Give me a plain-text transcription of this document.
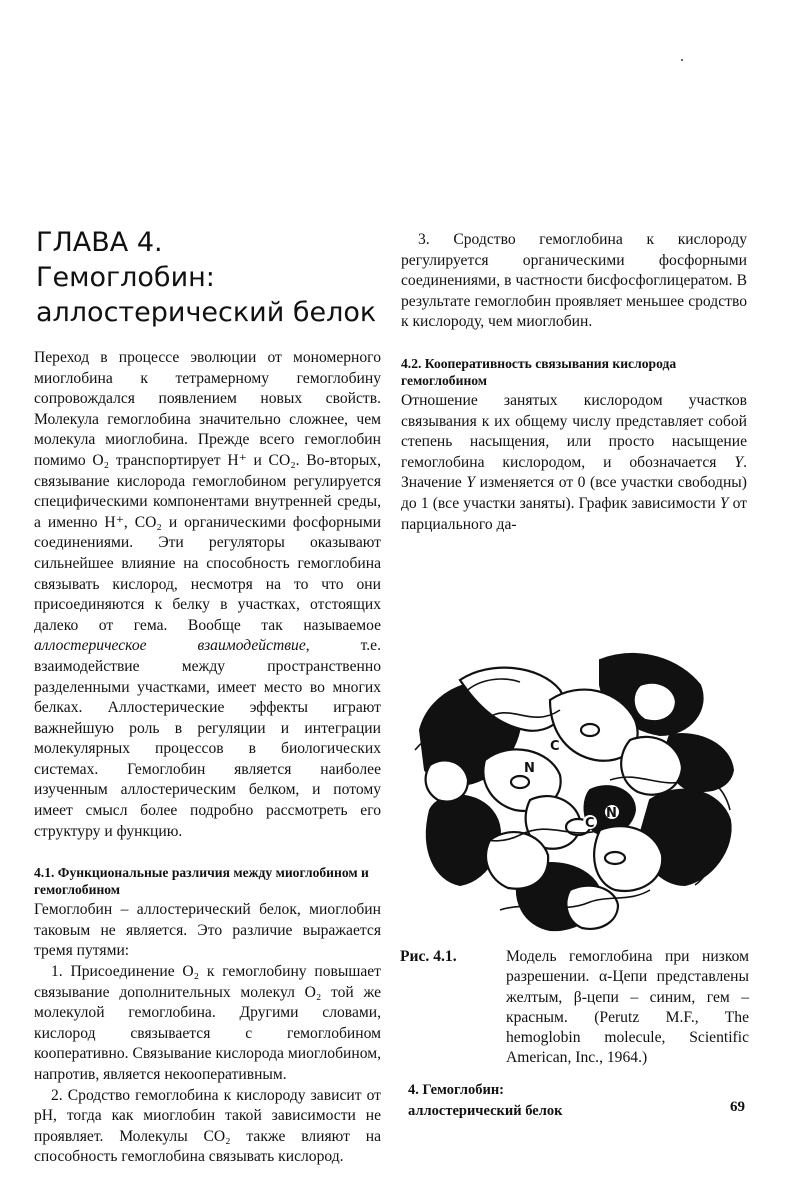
ГЛАВА 4.
Гемоглобин:
аллостерический белок

Переход в процессе эволюции от мономерного миоглобина к тетрамерному гемоглобину сопровождался появлением новых свойств. Молекула гемоглобина значительно сложнее, чем молекула миоглобина. Прежде всего гемоглобин помимо O₂ транспортирует H⁺ и CO₂. Во-вторых, связывание кислорода гемоглобином регулируется специфическими компонентами внутренней среды, а именно H⁺, CO₂ и органическими фосфорными соединениями. Эти регуляторы оказывают сильнейшее влияние на способность гемоглобина связывать кислород, несмотря на то что они присоединяются к белку в участках, отстоящих далеко от гема. Вообще так называемое аллостерическое взаимодействие, т.е. взаимодействие между пространственно разделенными участками, имеет место во многих белках. Аллостерические эффекты играют важнейшую роль в регуляции и интеграции молекулярных процессов в биологических системах. Гемоглобин является наиболее изученным аллостерическим белком, и потому имеет смысл более подробно рассмотреть его структуру и функцию.

4.1. Функциональные различия между миоглобином и гемоглобином

Гемоглобин – аллостерический белок, миоглобин таковым не является. Это различие выражается тремя путями:

1. Присоединение O₂ к гемоглобину повышает связывание дополнительных молекул O₂ той же молекулой гемоглобина. Другими словами, кислород связывается с гемоглобином кооперативно. Связывание кислорода миоглобином, напротив, является некооперативным.

2. Сродство гемоглобина к кислороду зависит от pH, тогда как миоглобин такой зависимости не проявляет. Молекулы CO₂ также влияют на способность гемоглобина связывать кислород.

3. Сродство гемоглобина к кислороду регулируется органическими фосфорными соединениями, в частности бисфосфоглицератом. В результате гемоглобин проявляет меньшее сродство к кислороду, чем миоглобин.

4.2. Кооперативность связывания кислорода гемоглобином

Отношение занятых кислородом участков связывания к их общему числу представляет собой степень насыщения, или просто насыщение гемоглобина кислородом, и обозначается Y. Значение Y изменяется от 0 (все участки свободны) до 1 (все участки заняты). График зависимости Y от парциального да-

C
N
C
N
Рис. 4.1.	Модель гемоглобина при низком разрешении. α-Цепи представлены желтым, β-цепи – синим, гем – красным. (Perutz M.F., The hemoglobin molecule, Scientific American, Inc., 1964.)
4. Гемоглобин:
аллостерический белок	69
